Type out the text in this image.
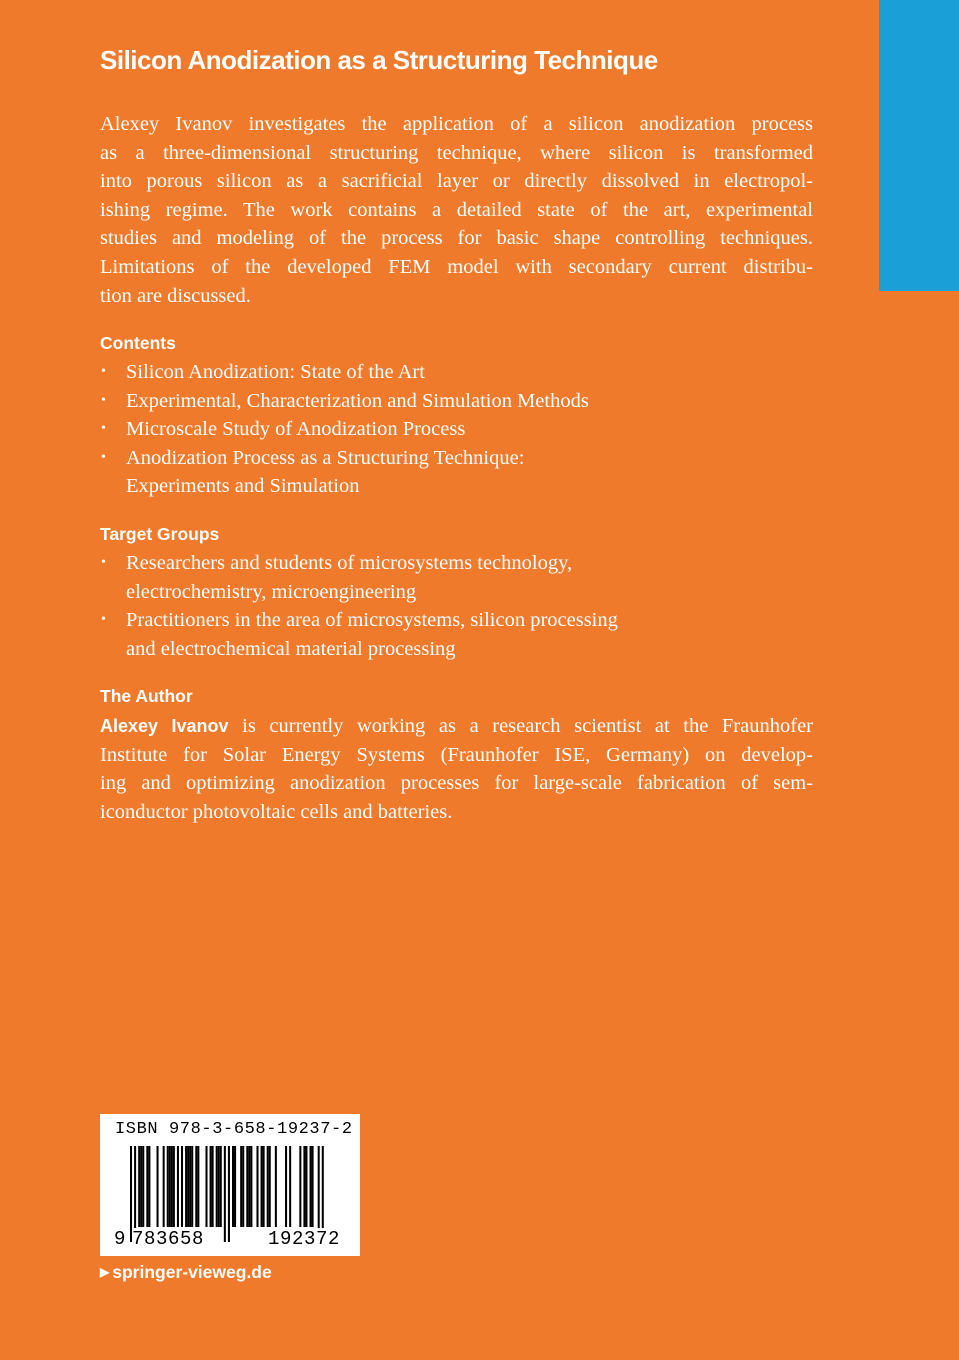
Silicon Anodization as a Structuring Technique

Alexey Ivanov investigates the application of a silicon anodization process
as a three-dimensional structuring technique, where silicon is transformed
into porous silicon as a sacrificial layer or directly dissolved in electropol-
ishing regime. The work contains a detailed state of the art, experimental
studies and modeling of the process for basic shape controlling techniques.
Limitations of the developed FEM model with secondary current distribu-
tion are discussed.

Contents
• Silicon Anodization: State of the Art
• Experimental, Characterization and Simulation Methods
• Microscale Study of Anodization Process
• Anodization Process as a Structuring Technique:
Experiments and Simulation
Target Groups
• Researchers and students of microsystems technology,
electrochemistry, microengineering
• Practitioners in the area of microsystems, silicon processing
and electrochemical material processing
The Author

Alexey Ivanov is currently working as a research scientist at the Fraunhofer
Institute for Solar Energy Systems (Fraunhofer ISE, Germany) on develop-
ing and optimizing anodization processes for large-scale fabrication of sem-
iconductor photovoltaic cells and batteries.

ISBN 978-3-658-19237-2
9 783658	192372
▶ springer-vieweg.de
